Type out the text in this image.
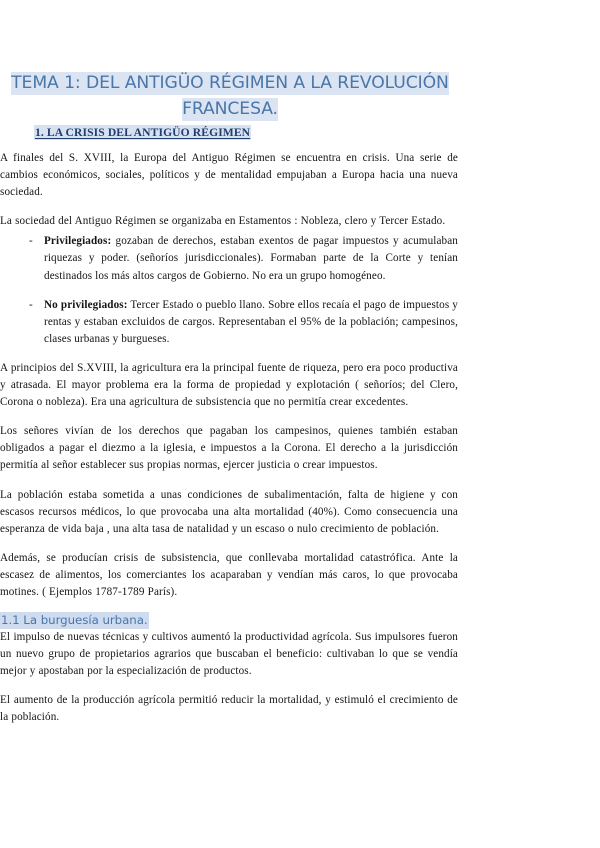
TEMA 1: DEL ANTIGÜO RÉGIMEN A LA REVOLUCIÓN FRANCESA.
1. LA CRISIS DEL ANTIGÜO RÉGIMEN

A finales del S. XVIII, la Europa del Antiguo Régimen se encuentra en crisis. Una serie de cambios económicos, sociales, políticos y de mentalidad empujaban a Europa hacia una nueva sociedad.

La sociedad del Antiguo Régimen se organizaba en Estamentos : Nobleza, clero y Tercer Estado.

- Privilegiados: gozaban de derechos, estaban exentos de pagar impuestos y acumulaban riquezas y poder. (señoríos jurisdiccionales). Formaban parte de la Corte y tenían destinados los más altos cargos de Gobierno. No era un grupo homogéneo.
- No privilegiados: Tercer Estado o pueblo llano. Sobre ellos recaía el pago de impuestos y rentas y estaban excluidos de cargos. Representaban el 95% de la población; campesinos, clases urbanas y burgueses.

A principios del S.XVIII, la agricultura era la principal fuente de riqueza, pero era poco productiva y atrasada. El mayor problema era la forma de propiedad y explotación ( señoríos; del Clero, Corona o nobleza). Era una agricultura de subsistencia que no permitía crear excedentes.

Los señores vivían de los derechos que pagaban los campesinos, quienes también estaban obligados a pagar el diezmo a la iglesia, e impuestos a la Corona. El derecho a la jurisdicción permitía al señor establecer sus propias normas, ejercer justicia o crear impuestos.

La población estaba sometida a unas condiciones de subalimentación, falta de higiene y con escasos recursos médicos, lo que provocaba una alta mortalidad (40%). Como consecuencia una esperanza de vida baja , una alta tasa de natalidad y un escaso o nulo crecimiento de población.

Además, se producían crisis de subsistencia, que conllevaba mortalidad catastrófica. Ante la escasez de alimentos, los comerciantes los acaparaban y vendían más caros, lo que provocaba motines. ( Ejemplos 1787-1789 París).

1.1 La burguesía urbana.

El impulso de nuevas técnicas y cultivos aumentó la productividad agrícola. Sus impulsores fueron un nuevo grupo de propietarios agrarios que buscaban el beneficio: cultivaban lo que se vendía mejor y apostaban por la especialización de productos.

El aumento de la producción agrícola permitió reducir la mortalidad, y estimuló el crecimiento de la población.
